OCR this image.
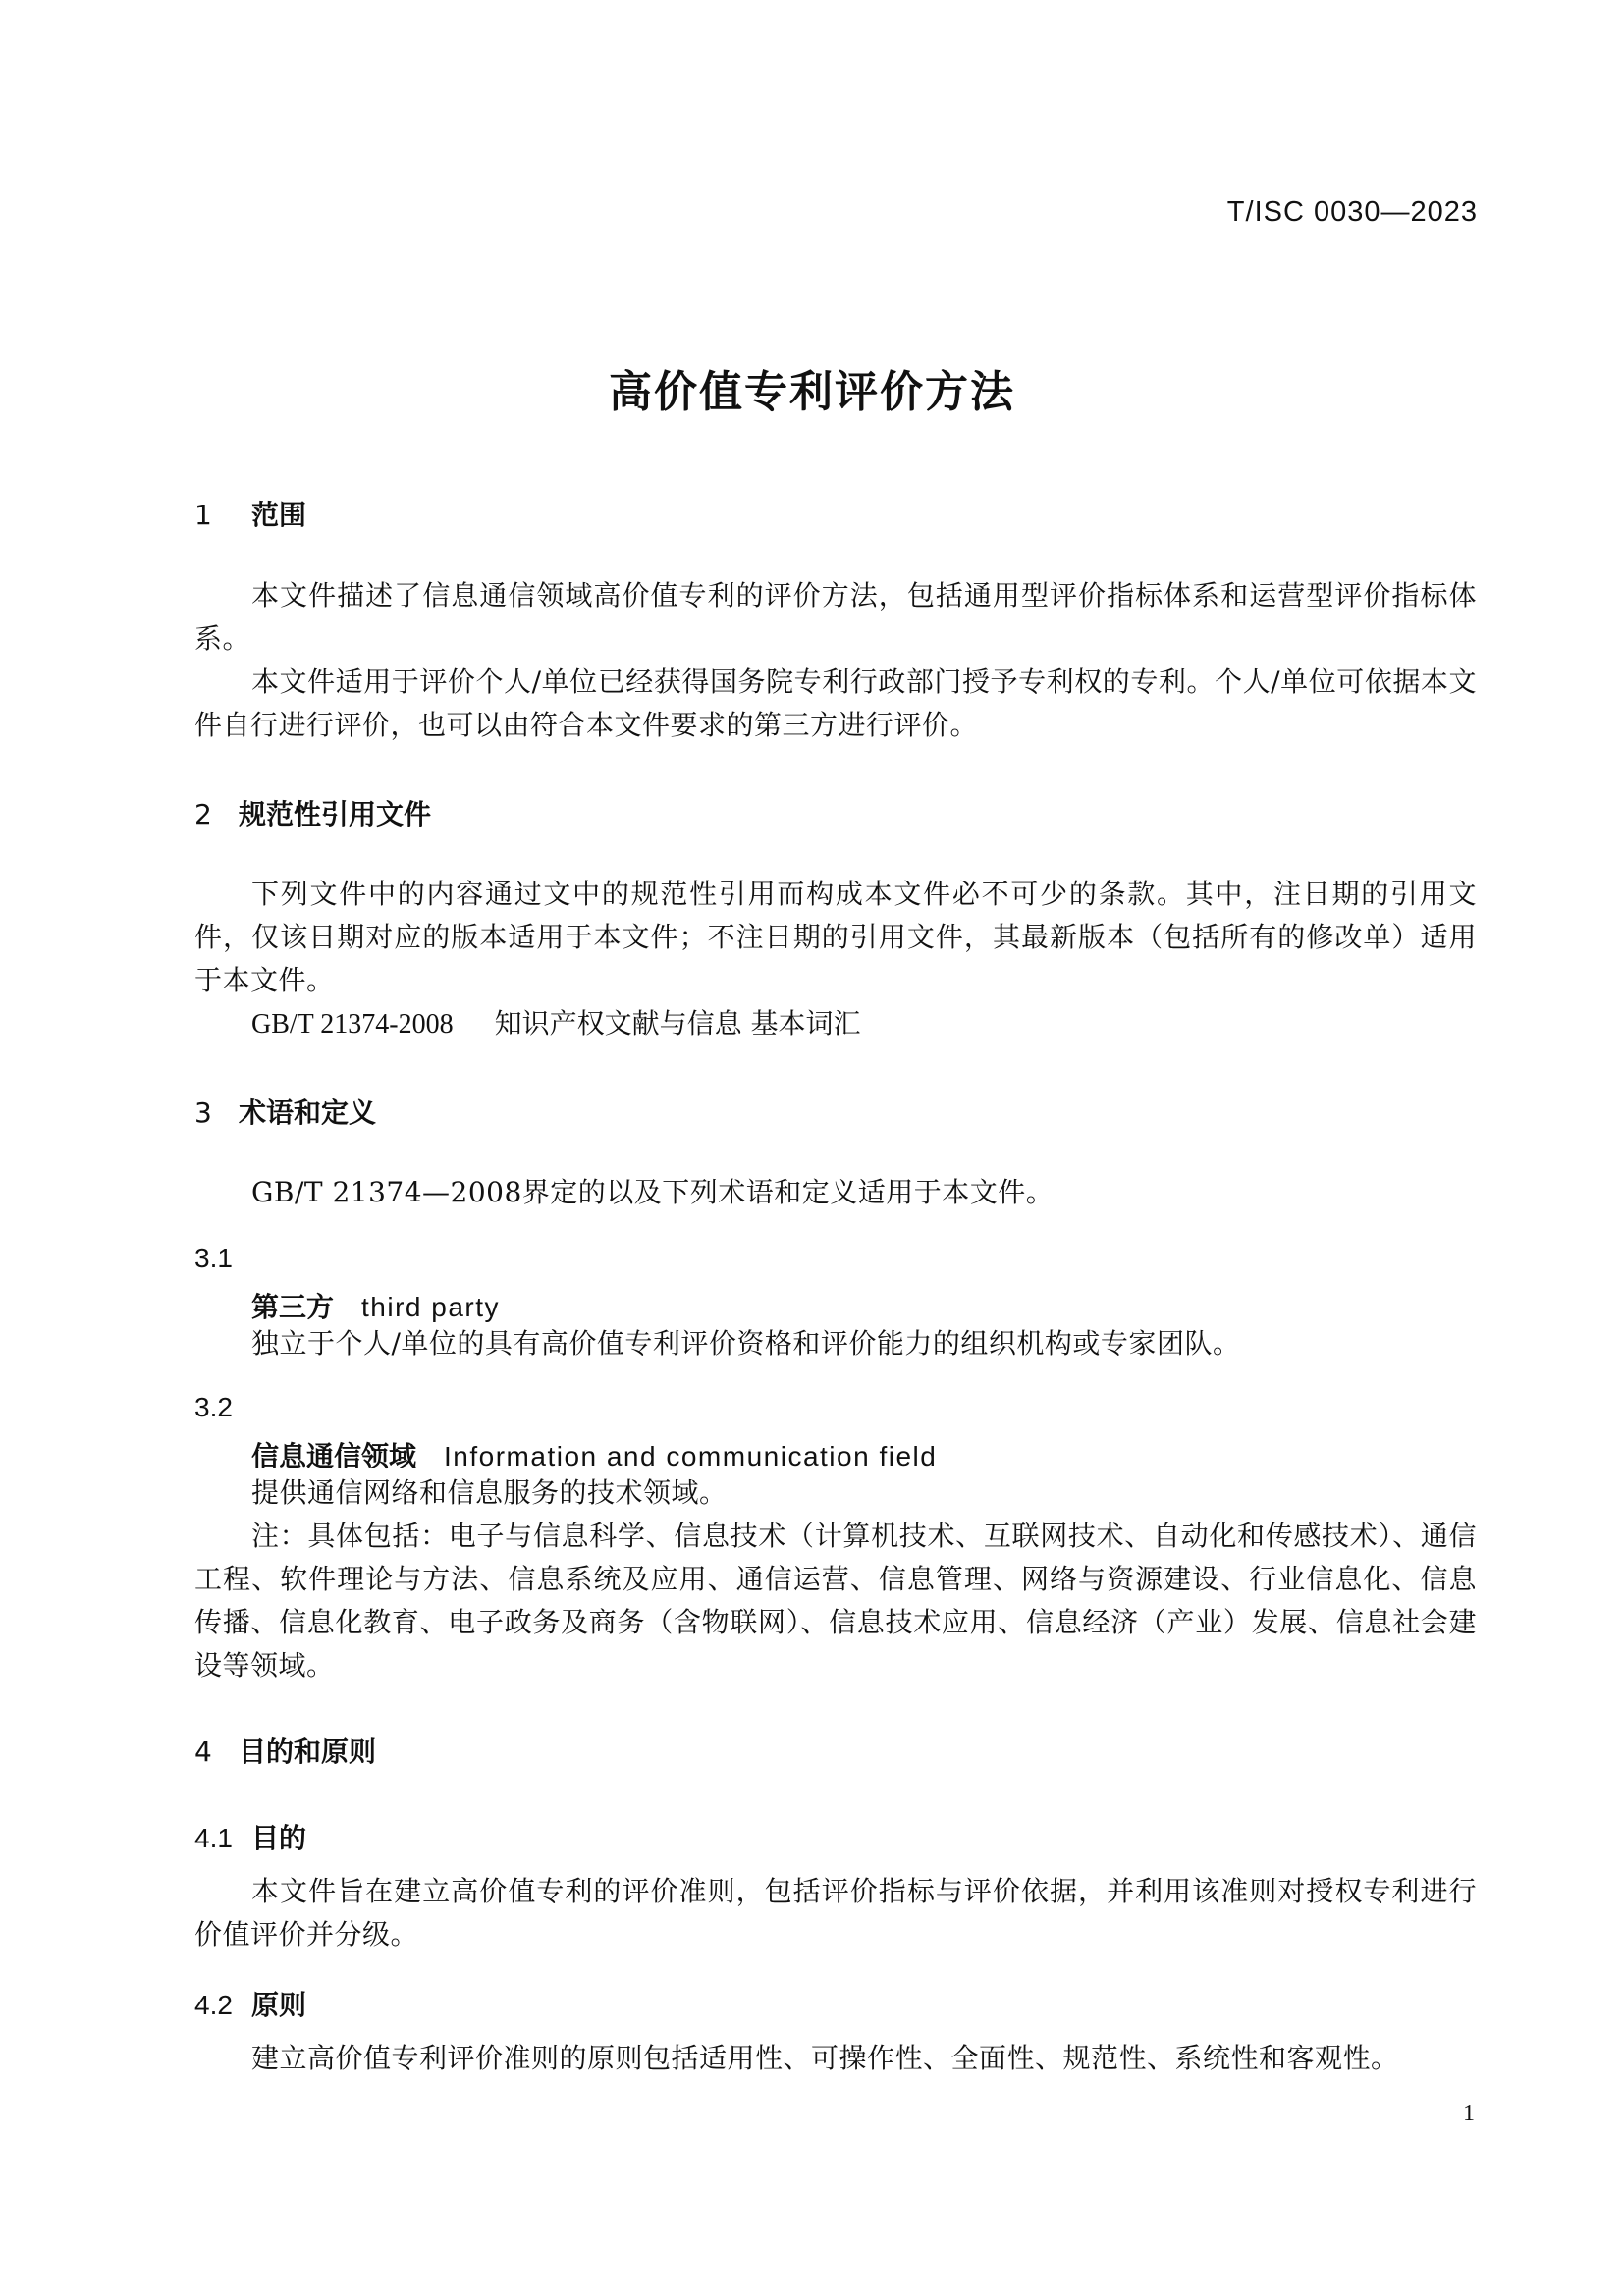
T/ISC 0030—2023
高价值专利评价方法
1 范围
本文件描述了信息通信领域高价值专利的评价方法，包括通用型评价指标体系和运营型评价指标体系。
本文件适用于评价个人/单位已经获得国务院专利行政部门授予专利权的专利。个人/单位可依据本文件自行进行评价，也可以由符合本文件要求的第三方进行评价。
2 规范性引用文件
下列文件中的内容通过文中的规范性引用而构成本文件必不可少的条款。其中，注日期的引用文件，仅该日期对应的版本适用于本文件；不注日期的引用文件，其最新版本（包括所有的修改单）适用于本文件。
GB/T 21374-2008 知识产权文献与信息 基本词汇
3 术语和定义
GB/T 21374—2008界定的以及下列术语和定义适用于本文件。
3.1
第三方 third party
独立于个人/单位的具有高价值专利评价资格和评价能力的组织机构或专家团队。
3.2
信息通信领域 Information and communication field
提供通信网络和信息服务的技术领域。
注：具体包括：电子与信息科学、信息技术（计算机技术、互联网技术、自动化和传感技术）、通信工程、软件理论与方法、信息系统及应用、通信运营、信息管理、网络与资源建设、行业信息化、信息传播、信息化教育、电子政务及商务（含物联网）、信息技术应用、信息经济（产业）发展、信息社会建设等领域。
4 目的和原则
4.1 目的
本文件旨在建立高价值专利的评价准则，包括评价指标与评价依据，并利用该准则对授权专利进行价值评价并分级。
4.2 原则
建立高价值专利评价准则的原则包括适用性、可操作性、全面性、规范性、系统性和客观性。
1
